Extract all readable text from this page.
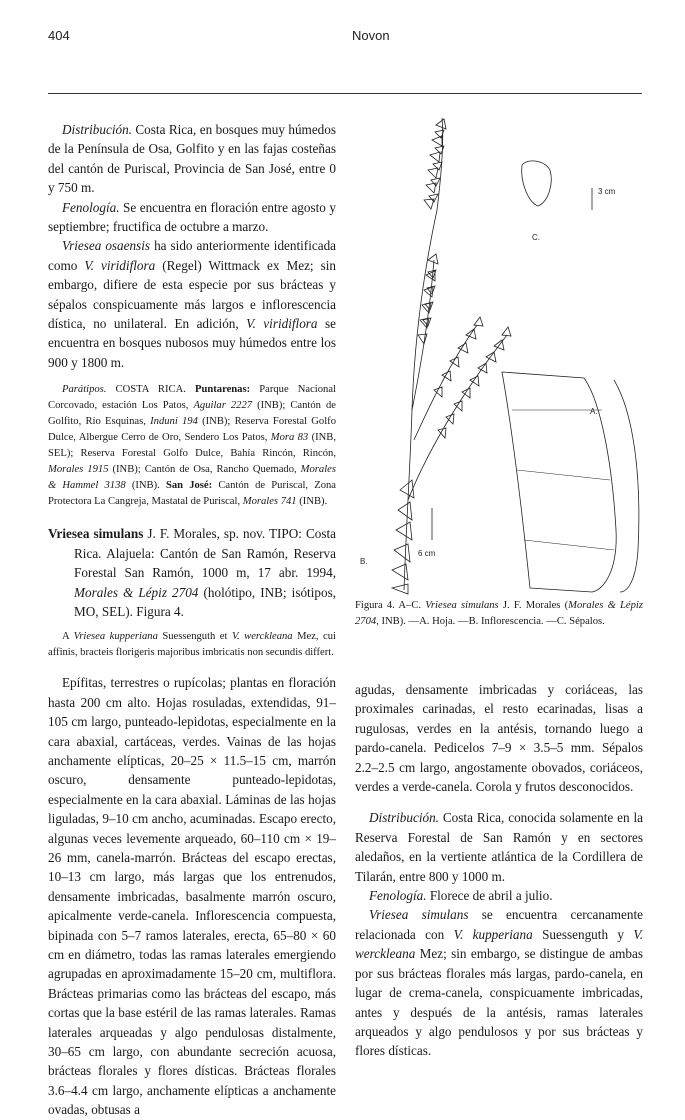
404	Novon

Distribución. Costa Rica, en bosques muy húmedos de la Península de Osa, Golfito y en las fajas costeñas del cantón de Puriscal, Provincia de San José, entre 0 y 750 m.

Fenología. Se encuentra en floración entre agosto y septiembre; fructifica de octubre a marzo.

Vriesea osaensis ha sido anteriormente identificada como V. viridiflora (Regel) Wittmack ex Mez; sin embargo, difiere de esta especie por sus brácteas y sépalos conspicuamente más largos e inflorescencia dística, no unilateral. En adición, V. viridiflora se encuentra en bosques nubosos muy húmedos entre los 900 y 1800 m.

Parátipos. COSTA RICA. Puntarenas: Parque Nacional Corcovado, estación Los Patos, Aguilar 2227 (INB); Cantón de Golfito, Río Esquinas, Induni 194 (INB); Reserva Forestal Golfo Dulce, Albergue Cerro de Oro, Sendero Los Patos, Mora 83 (INB, SEL); Reserva Forestal Golfo Dulce, Bahía Rincón, Rincón, Morales 1915 (INB); Cantón de Osa, Rancho Quemado, Morales & Hammel 3138 (INB). San José: Cantón de Puriscal, Zona Protectora La Cangreja, Mastatal de Puriscal, Morales 741 (INB).

Vriesea simulans J. F. Morales, sp. nov. TIPO: Costa Rica. Alajuela: Cantón de San Ramón, Reserva Forestal San Ramón, 1000 m, 17 abr. 1994, Morales & Lépiz 2704 (holótipo, INB; isótipos, MO, SEL). Figura 4.

A Vriesea kupperiana Suessenguth et V. werckleana Mez, cui affinis, bracteis florigeris majoribus imbricatis non secundis differt.

Epífitas, terrestres o rupícolas; plantas en floración hasta 200 cm alto. Hojas rosuladas, extendidas, 91–105 cm largo, punteado-lepidotas, especialmente en la cara abaxial, cartáceas, verdes. Vainas de las hojas anchamente elípticas, 20–25 × 11.5–15 cm, marrón oscuro, densamente punteado-lepidotas, especialmente en la cara abaxial. Láminas de las hojas liguladas, 9–10 cm ancho, acuminadas. Escapo erecto, algunas veces levemente arqueado, 60–110 cm × 19–26 mm, canela-marrón. Brácteas del escapo erectas, 10–13 cm largo, más largas que los entrenudos, densamente imbricadas, basalmente marrón oscuro, apicalmente verde-canela. Inflorescencia compuesta, bipinada con 5–7 ramos laterales, erecta, 65–80 × 60 cm en diámetro, todas las ramas laterales emergiendo agrupadas en aproximadamente 15–20 cm, multiflora. Brácteas primarias como las brácteas del escapo, más cortas que la base estéril de las ramas laterales. Ramas laterales arqueadas y algo pendulosas distalmente, 30–65 cm largo, con abundante secreción acuosa, brácteas florales y flores dísticas. Brácteas florales 3.6–4.4 cm largo, anchamente elípticas a anchamente ovadas, obtusas a

3 cm
6 cm
C.
A.
B.
Figura 4. A–C. Vriesea simulans J. F. Morales (Morales & Lépiz 2704, INB). —A. Hoja. —B. Inflorescencia. —C. Sépalos.

agudas, densamente imbricadas y coriáceas, las proximales carinadas, el resto ecarinadas, lisas a rugulosas, verdes en la antésis, tornando luego a pardo-canela. Pedicelos 7–9 × 3.5–5 mm. Sépalos 2.2–2.5 cm largo, angostamente obovados, coriáceos, verdes a verde-canela. Corola y frutos desconocidos.

Distribución. Costa Rica, conocida solamente en la Reserva Forestal de San Ramón y en sectores aledaños, en la vertiente atlántica de la Cordillera de Tilarán, entre 800 y 1000 m.

Fenología. Florece de abril a julio.

Vriesea simulans se encuentra cercanamente relacionada con V. kupperiana Suessenguth y V. werckleana Mez; sin embargo, se distingue de ambas por sus brácteas florales más largas, pardo-canela, en lugar de crema-canela, conspicuamente imbricadas, antes y después de la antésis, ramas laterales arqueados y algo pendulosos y por sus brácteas y flores dísticas.
